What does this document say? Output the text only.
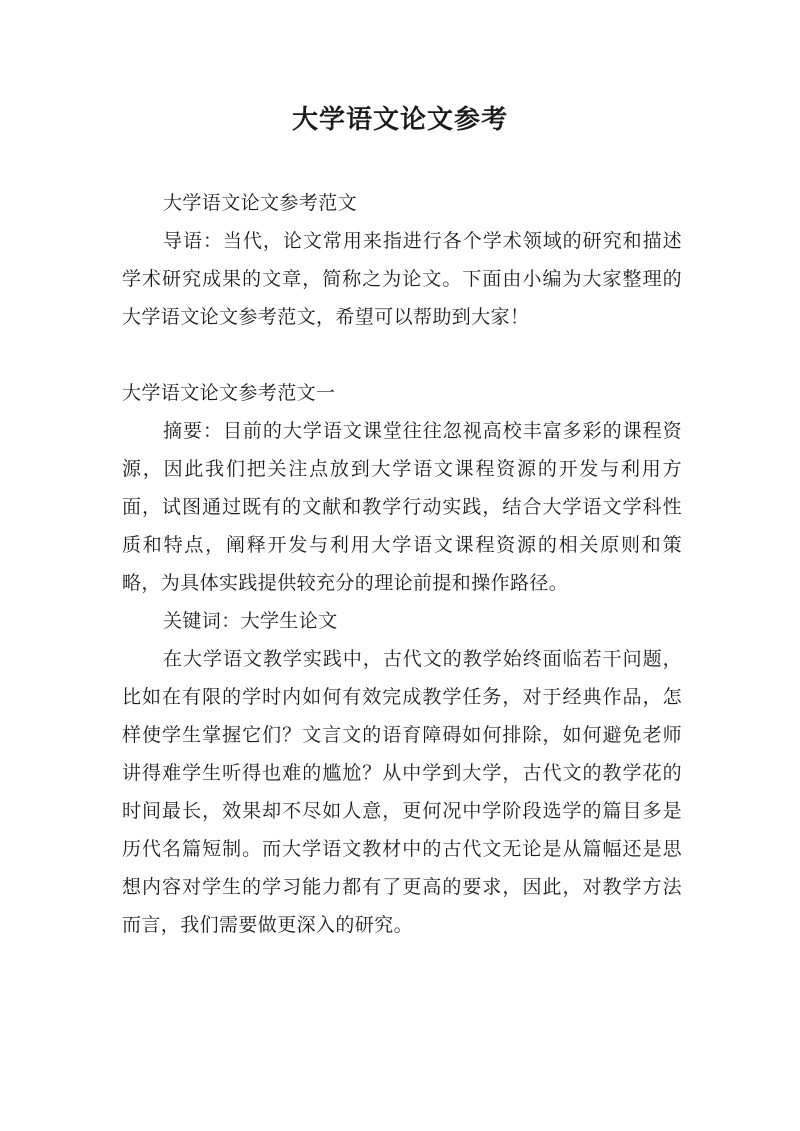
大学语文论文参考

大学语文论文参考范文

导语：当代，论文常用来指进行各个学术领域的研究和描述学术研究成果的文章，简称之为论文。下面由小编为大家整理的大学语文论文参考范文，希望可以帮助到大家！

大学语文论文参考范文一

摘要：目前的大学语文课堂往往忽视高校丰富多彩的课程资源，因此我们把关注点放到大学语文课程资源的开发与利用方面，试图通过既有的文献和教学行动实践，结合大学语文学科性质和特点，阐释开发与利用大学语文课程资源的相关原则和策略，为具体实践提供较充分的理论前提和操作路径。

关键词：大学生论文

在大学语文教学实践中，古代文的教学始终面临若干问题，比如在有限的学时内如何有效完成教学任务，对于经典作品，怎样使学生掌握它们？文言文的语育障碍如何排除，如何避免老师讲得难学生听得也难的尴尬？从中学到大学，古代文的教学花的时间最长，效果却不尽如人意，更何况中学阶段选学的篇目多是历代名篇短制。而大学语文教材中的古代文无论是从篇幅还是思想内容对学生的学习能力都有了更高的要求，因此，对教学方法而言，我们需要做更深入的研究。
